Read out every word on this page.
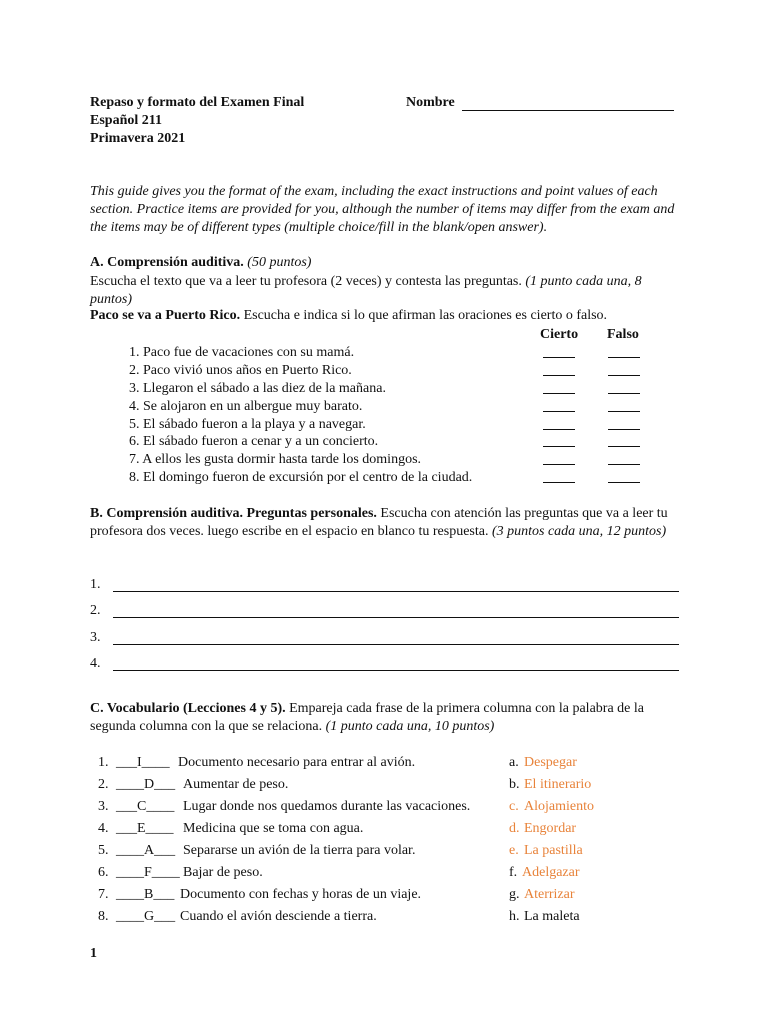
Repaso y formato del Examen Final
Español 211
Primavera 2021
Nombre
This guide gives you the format of the exam, including the exact instructions and point values of each section. Practice items are provided for you, although the number of items may differ from the exam and the items may be of different types (multiple choice/fill in the blank/open answer).
A. Comprensión auditiva. (50 puntos)
Escucha el texto que va a leer tu profesora (2 veces) y contesta las preguntas. (1 punto cada una, 8 puntos)
Paco se va a Puerto Rico. Escucha e indica si lo que afirman las oraciones es cierto o falso.
Cierto Falso
1. Paco fue de vacaciones con su mamá.
2. Paco vivió unos años en Puerto Rico.
3. Llegaron el sábado a las diez de la mañana.
4. Se alojaron en un albergue muy barato.
5. El sábado fueron a la playa y a navegar.
6. El sábado fueron a cenar y a un concierto.
7. A ellos les gusta dormir hasta tarde los domingos.
8. El domingo fueron de excursión por el centro de la ciudad.
B. Comprensión auditiva. Preguntas personales. Escucha con atención las preguntas que va a leer tu profesora dos veces. luego escribe en el espacio en blanco tu respuesta. (3 puntos cada una, 12 puntos)
1.
2.
3.
4.
C. Vocabulario (Lecciones 4 y 5). Empareja cada frase de la primera columna con la palabra de la segunda columna con la que se relaciona. (1 punto cada una, 10 puntos)
1. ___I____ Documento necesario para entrar al avión.	a. Despegar
2. ____D___ Aumentar de peso.	b. El itinerario
3. ___C____ Lugar donde nos quedamos durante las vacaciones.	c. Alojamiento
4. ___E____ Medicina que se toma con agua.	d. Engordar
5. ____A___ Separarse un avión de la tierra para volar.	e. La pastilla
6. ____F____ Bajar de peso.	f. Adelgazar
7. ____B___ Documento con fechas y horas de un viaje.	g. Aterrizar
8. ____G___ Cuando el avión desciende a tierra.	h. La maleta
1
